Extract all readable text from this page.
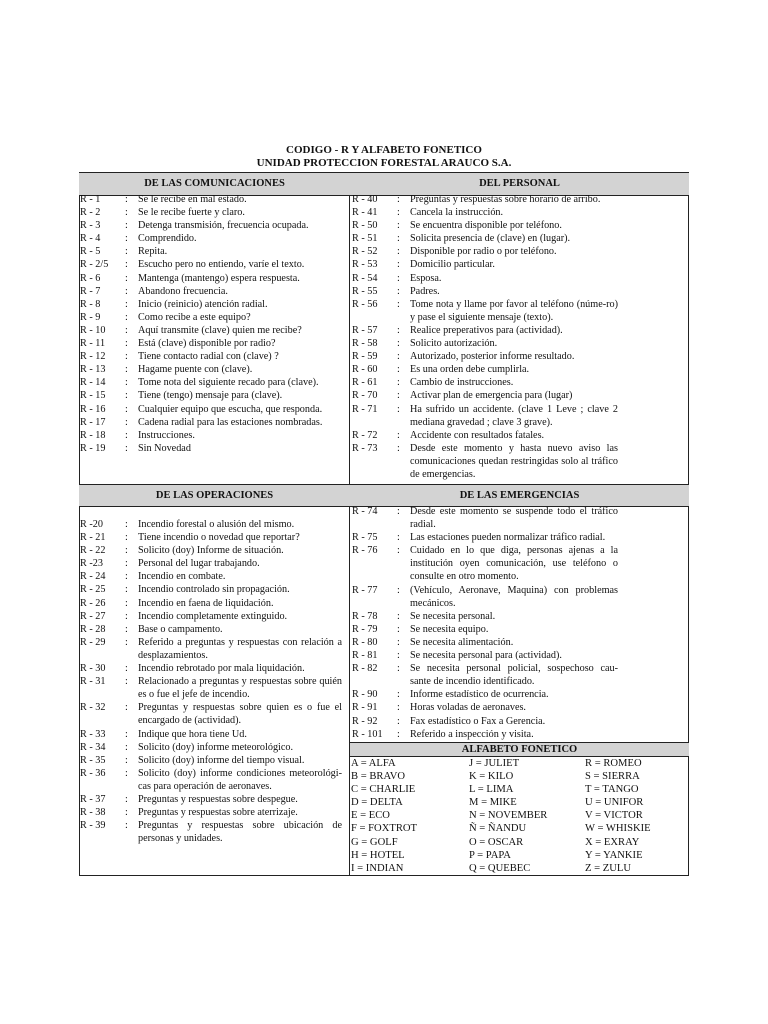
CODIGO - R Y ALFABETO FONETICO
UNIDAD PROTECCION FORESTAL ARAUCO S.A.
DE LAS COMUNICACIONES	DEL PERSONAL
DE LAS OPERACIONES	DE LAS EMERGENCIAS
R - 1	: Se le recibe en mal estado.
R - 2	: Se le recibe fuerte y claro.
R - 3	: Detenga transmisión, frecuencia ocupada.
R - 4	: Comprendido.
R - 5	: Repita.
R - 2/5	: Escucho pero no entiendo, varíe el texto.
R - 6	: Mantenga (mantengo) espera respuesta.
R - 7	: Abandono frecuencia.
R - 8	: Inicio (reinicio) atención radial.
R - 9	: Como recibe a este equipo?
R - 10	: Aquí transmite (clave) quien me recibe?
R - 11	: Está (clave) disponible por radio?
R - 12	: Tiene contacto radial con (clave) ?
R - 13	: Hagame puente con (clave).
R - 14	: Tome nota del siguiente recado para (clave).
R - 15	: Tiene (tengo) mensaje para (clave).
R - 16	: Cualquier equipo que escucha, que responda.
R - 17	: Cadena radial para las estaciones nombradas.
R - 18	: Instrucciones.
R - 19	: Sin Novedad
R - 40	: Preguntas y respuestas sobre horario de arribo.
R - 41	: Cancela la instrucción.
R - 50	: Se encuentra disponible por teléfono.
R - 51	: Solicita presencia de (clave) en (lugar).
R - 52	: Disponible por radio o por teléfono.
R - 53	: Domicilio particular.
R - 54	: Esposa.
R - 55	: Padres.
R - 56	: Tome nota y llame por favor al teléfono (núme-ro) y pase el siguiente mensaje (texto).
R - 57	: Realice preperativos para (actividad).
R - 58	: Solicito autorización.
R - 59	: Autorizado, posterior informe resultado.
R - 60	: Es una orden debe cumplirla.
R - 61	: Cambio de instrucciones.
R - 70	: Activar plan de emergencia para (lugar)
R - 71	: Ha sufrido un accidente. (clave 1 Leve ; clave 2 mediana gravedad ; clave 3 grave).
R - 72	: Accidente con resultados fatales.
R - 73	: Desde este momento y hasta nuevo aviso las comunicaciones quedan restringidas solo al tráfico de emergencias.
R -20	: Incendio forestal o alusión del mismo.
R - 21	: Tiene incendio o novedad que reportar?
R - 22	: Solicito (doy) Informe de situación.
R -23	: Personal del lugar trabajando.
R - 24	: Incendio en combate.
R - 25	: Incendio controlado sin propagación.
R - 26	: Incendio en faena de liquidación.
R - 27	: Incendio completamente extinguido.
R - 28	: Base o campamento.
R - 29	: Referido a preguntas y respuestas con relación a desplazamientos.
R - 30	: Incendio rebrotado por mala liquidación.
R - 31	: Relacionado a preguntas y respuestas sobre quién es o fue el jefe de incendio.
R - 32	: Preguntas y respuestas sobre quien es o fue el encargado de (actividad).
R - 33	: Indique que hora tiene Ud.
R - 34	: Solicito (doy) informe meteorológico.
R - 35	: Solicito (doy) informe del tiempo visual.
R - 36	: Solicito (doy) informe condiciones meteorológi-cas para operación de aeronaves.
R - 37	: Preguntas y respuestas sobre despegue.
R - 38	: Preguntas y respuestas sobre aterrizaje.
R - 39	: Preguntas y respuestas sobre ubicación de personas y unidades.
R - 74	: Desde este momento se suspende todo el tráfico radial.
R - 75	: Las estaciones pueden normalizar tráfico radial.
R - 76	: Cuidado en lo que diga, personas ajenas a la institución oyen comunicación, use teléfono o consulte en otro momento.
R - 77	: (Vehículo, Aeronave, Maquina) con problemas mecánicos.
R - 78	: Se necesita personal.
R - 79	: Se necesita equipo.
R - 80	: Se necesita alimentación.
R - 81	: Se necesita personal para (actividad).
R - 82	: Se necesita personal policial, sospechoso cau-sante de incendio identificado.
R - 90	: Informe estadístico de ocurrencia.
R - 91	: Horas voladas de aeronaves.
R - 92	: Fax estadístico o Fax a Gerencia.
R - 101	: Referido a inspección y visita.
ALFABETO FONETICO
A = ALFA	J = JULIET	R = ROMEO
B = BRAVO	K = KILO	S = SIERRA
C = CHARLIE	L = LIMA	T = TANGO
D = DELTA	M = MIKE	U = UNIFOR
E = ECO	N = NOVEMBER	V = VICTOR
F = FOXTROT	Ñ = ÑANDU	W = WHISKIE
G = GOLF	O = OSCAR	X = EXRAY
H = HOTEL	P = PAPA	Y = YANKIE
I = INDIAN	Q = QUEBEC	Z = ZULU
